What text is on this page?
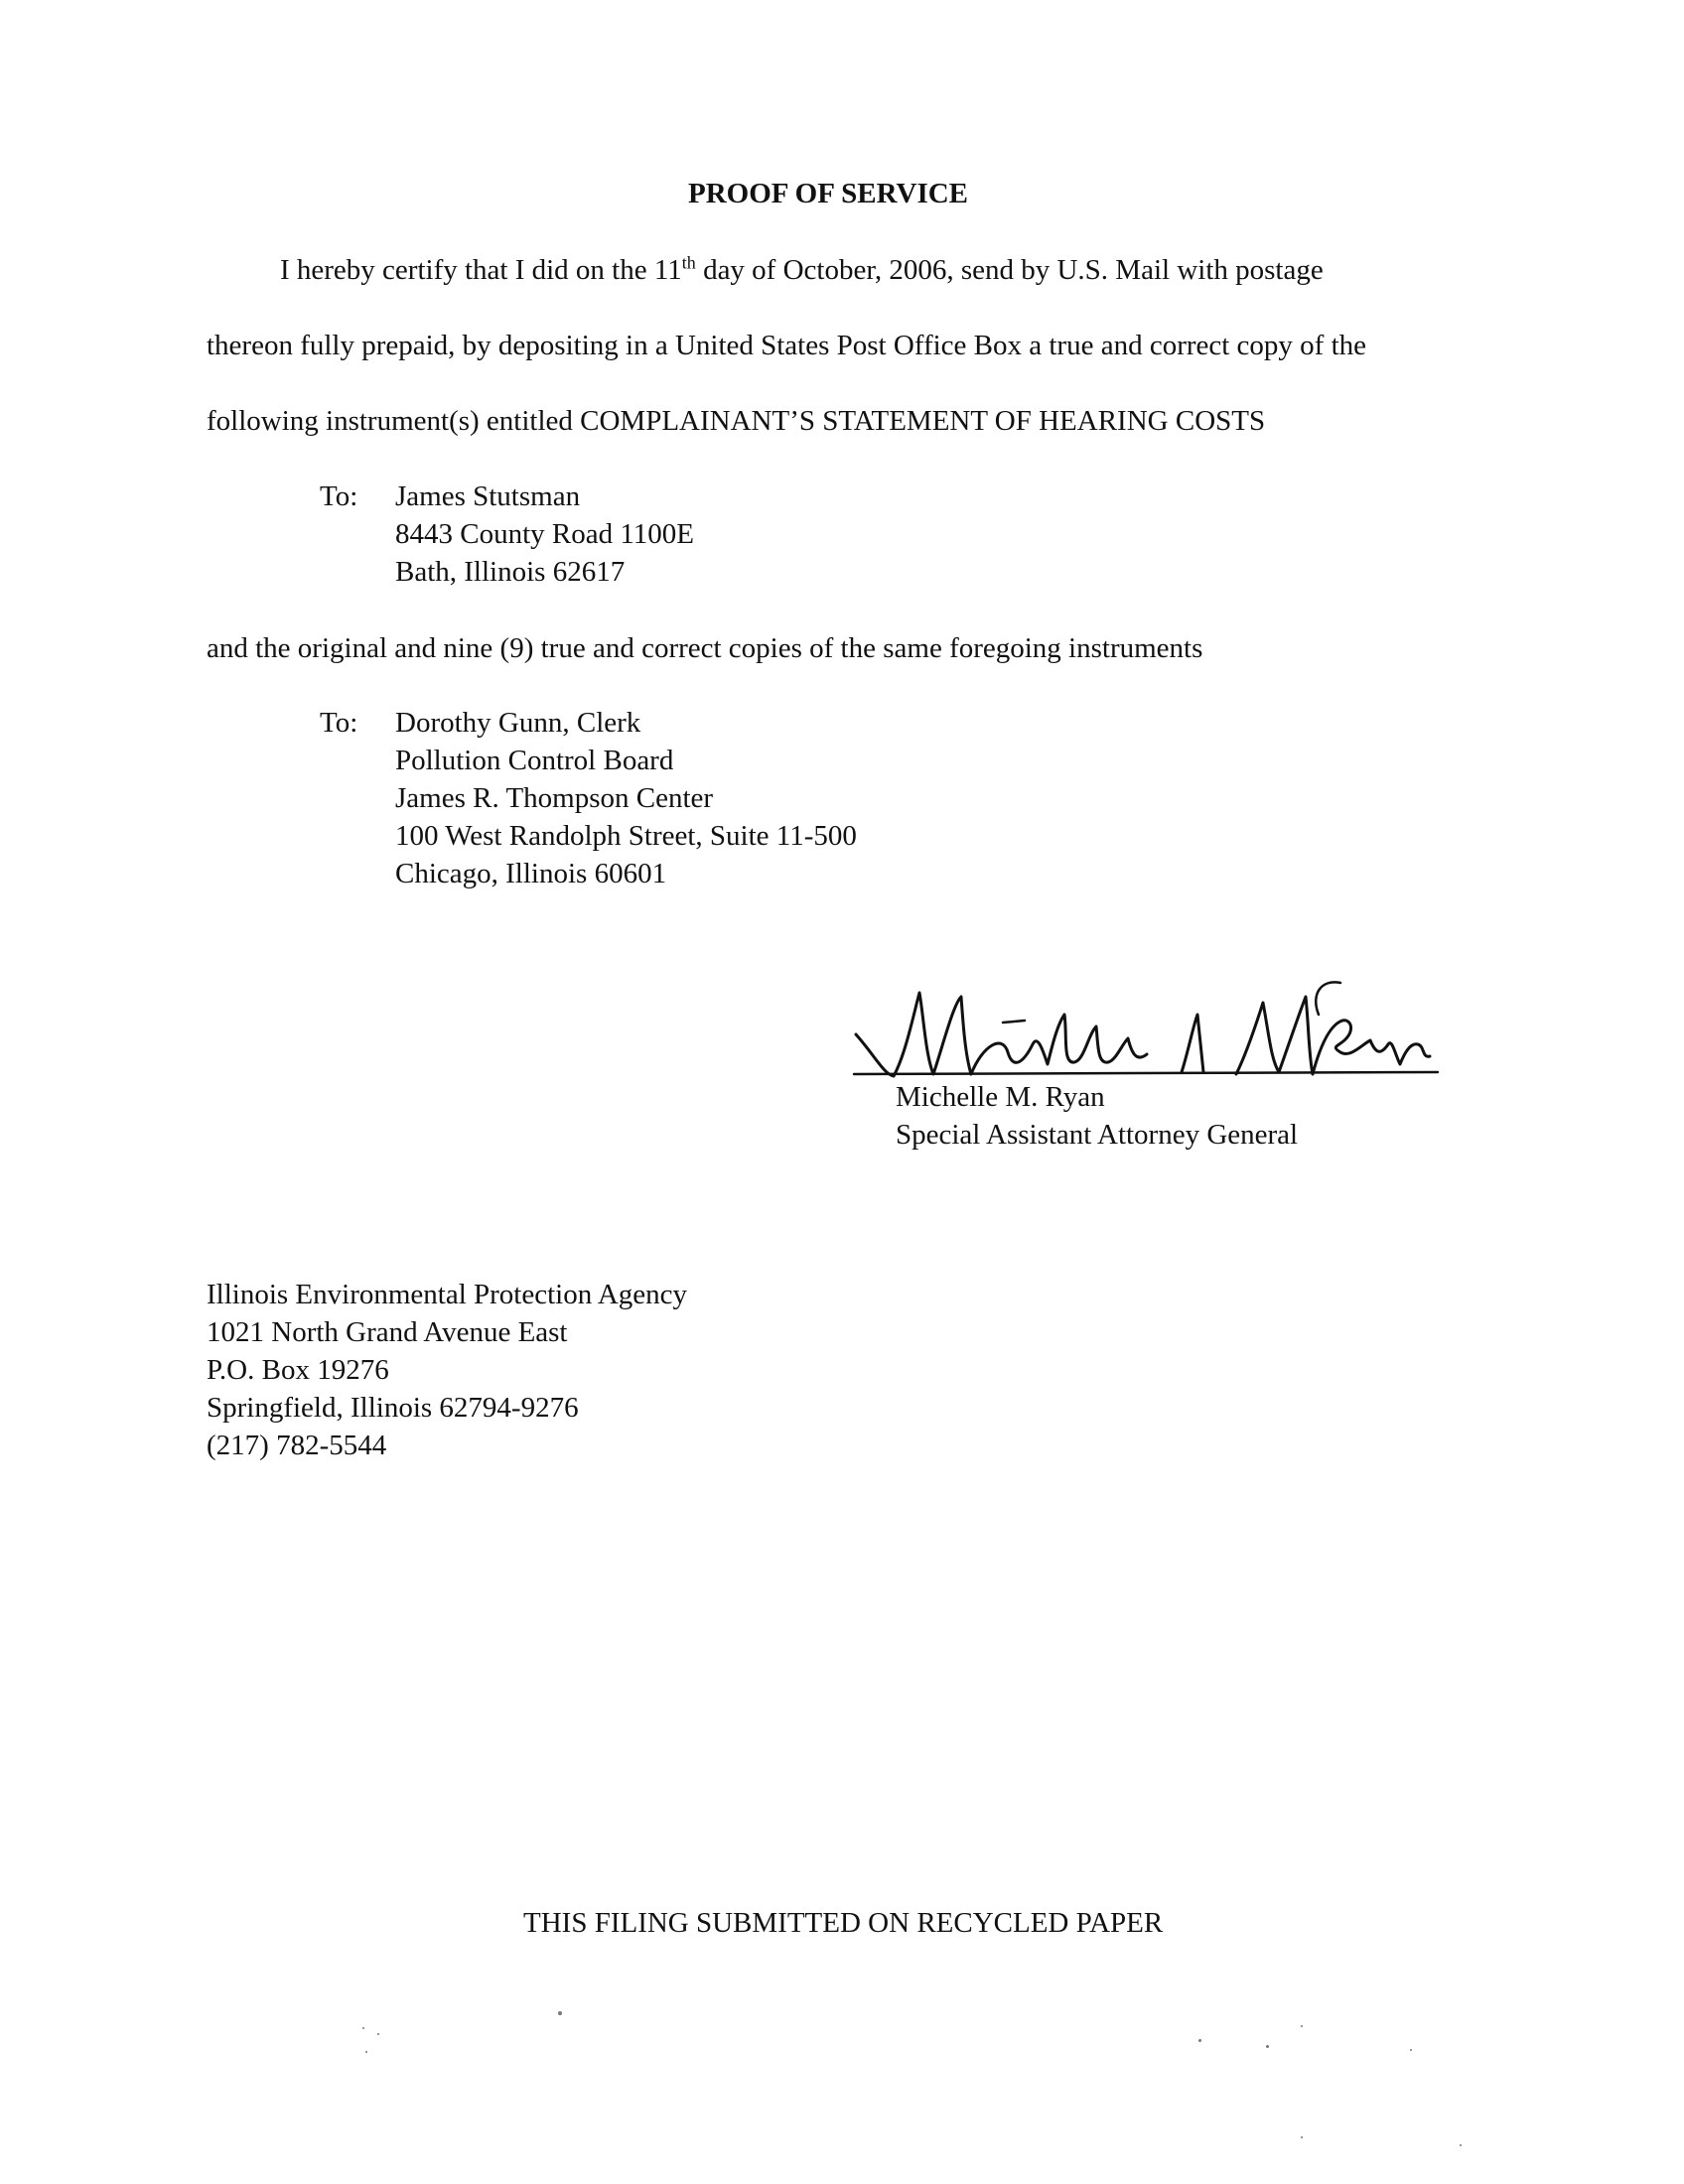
PROOF OF SERVICE
I hereby certify that I did on the 11th day of October, 2006, send by U.S. Mail with postage
thereon fully prepaid, by depositing in a United States Post Office Box a true and correct copy of the
following instrument(s) entitled COMPLAINANT’S STATEMENT OF HEARING COSTS
To: James Stutsman
8443 County Road 1100E
Bath, Illinois 62617
and the original and nine (9) true and correct copies of the same foregoing instruments
To: Dorothy Gunn, Clerk
Pollution Control Board
James R. Thompson Center
100 West Randolph Street, Suite 11-500
Chicago, Illinois 60601
Michelle M. Ryan
Special Assistant Attorney General
Illinois Environmental Protection Agency
1021 North Grand Avenue East
P.O. Box 19276
Springfield, Illinois 62794-9276
(217) 782-5544
THIS FILING SUBMITTED ON RECYCLED PAPER
